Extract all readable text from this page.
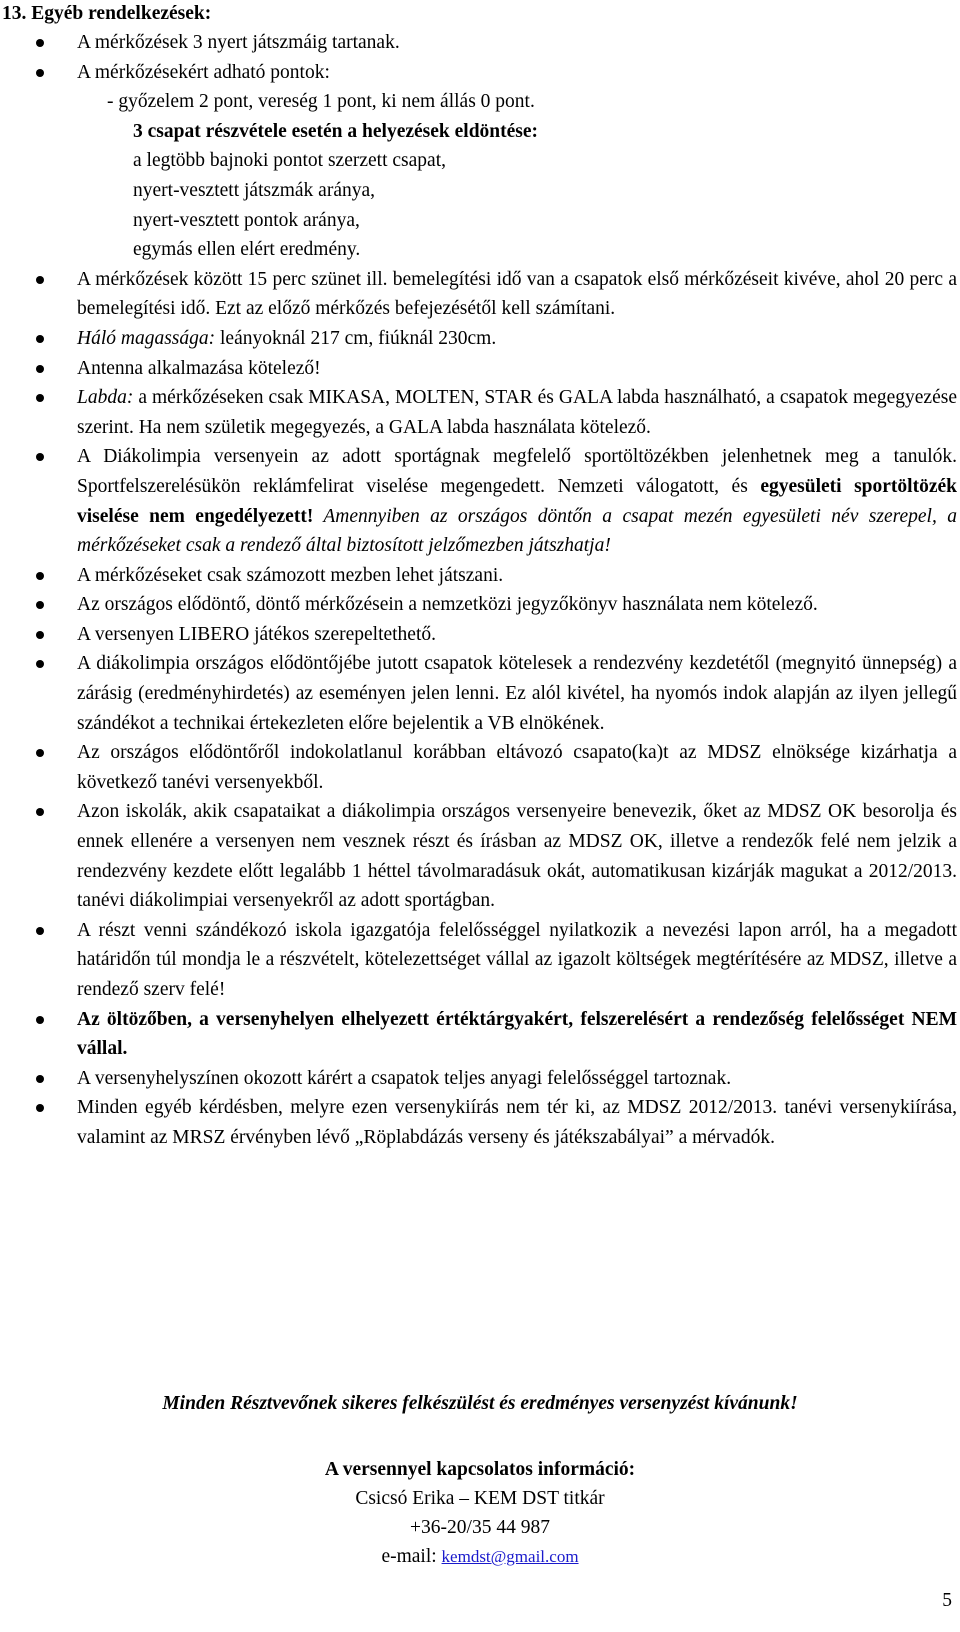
13. Egyéb rendelkezések:
A mérkőzések 3 nyert játszmáig tartanak.
A mérkőzésekért adható pontok:
- győzelem 2 pont, vereség 1 pont, ki nem állás 0 pont.
3 csapat részvétele esetén a helyezések eldöntése:
a legtöbb bajnoki pontot szerzett csapat,
nyert-vesztett játszmák aránya,
nyert-vesztett pontok aránya,
egymás ellen elért eredmény.
A mérkőzések között 15 perc szünet ill. bemelegítési idő van a csapatok első mérkőzéseit kivéve, ahol 20 perc a bemelegítési idő. Ezt az előző mérkőzés befejezésétől kell számítani.
Háló magassága: leányoknál 217 cm, fiúknál 230cm.
Antenna alkalmazása kötelező!
Labda: a mérkőzéseken csak MIKASA, MOLTEN, STAR és GALA labda használható, a csapatok megegyezése szerint. Ha nem születik megegyezés, a GALA labda használata kötelező.
A Diákolimpia versenyein az adott sportágnak megfelelő sportöltözékben jelenhetnek meg a tanulók. Sportfelszerelésükön reklámfelirat viselése megengedett. Nemzeti válogatott, és egyesületi sportöltözék viselése nem engedélyezett! Amennyiben az országos döntőn a csapat mezén egyesületi név szerepel, a mérkőzéseket csak a rendező által biztosított jelzőmezben játszhatja!
A mérkőzéseket csak számozott mezben lehet játszani.
Az országos elődöntő, döntő mérkőzésein a nemzetközi jegyzőkönyv használata nem kötelező.
A versenyen LIBERO játékos szerepeltethető.
A diákolimpia országos elődöntőjébe jutott csapatok kötelesek a rendezvény kezdetétől (megnyitó ünnepség) a zárásig (eredményhirdetés) az eseményen jelen lenni. Ez alól kivétel, ha nyomós indok alapján az ilyen jellegű szándékot a technikai értekezleten előre bejelentik a VB elnökének.
Az országos elődöntőről indokolatlanul korábban eltávozó csapato(ka)t az MDSZ elnöksége kizárhatja a következő tanévi versenyekből.
Azon iskolák, akik csapataikat a diákolimpia országos versenyeire benevezik, őket az MDSZ OK besorolja és ennek ellenére a versenyen nem vesznek részt és írásban az MDSZ OK, illetve a rendezők felé nem jelzik a rendezvény kezdete előtt legalább 1 héttel távolmaradásuk okát, automatikusan kizárják magukat a 2012/2013. tanévi diákolimpiai versenyekről az adott sportágban.
A részt venni szándékozó iskola igazgatója felelősséggel nyilatkozik a nevezési lapon arról, ha a megadott határidőn túl mondja le a részvételt, kötelezettséget vállal az igazolt költségek megtérítésére az MDSZ, illetve a rendező szerv felé!
Az öltözőben, a versenyhelyen elhelyezett értéktárgyakért, felszerelésért a rendezőség felelősséget NEM vállal.
A versenyhelyszínen okozott kárért a csapatok teljes anyagi felelősséggel tartoznak.
Minden egyéb kérdésben, melyre ezen versenykiírás nem tér ki, az MDSZ 2012/2013. tanévi versenykiírása, valamint az MRSZ érvényben lévő „Röplabdázás verseny és játékszabályai” a mérvadók.
Minden Résztvevőnek sikeres felkészülést és eredményes versenyzést kívánunk!
A versennyel kapcsolatos információ:
Csicsó Erika – KEM DST titkár
+36-20/35 44 987
e-mail: kemdst@gmail.com
5
